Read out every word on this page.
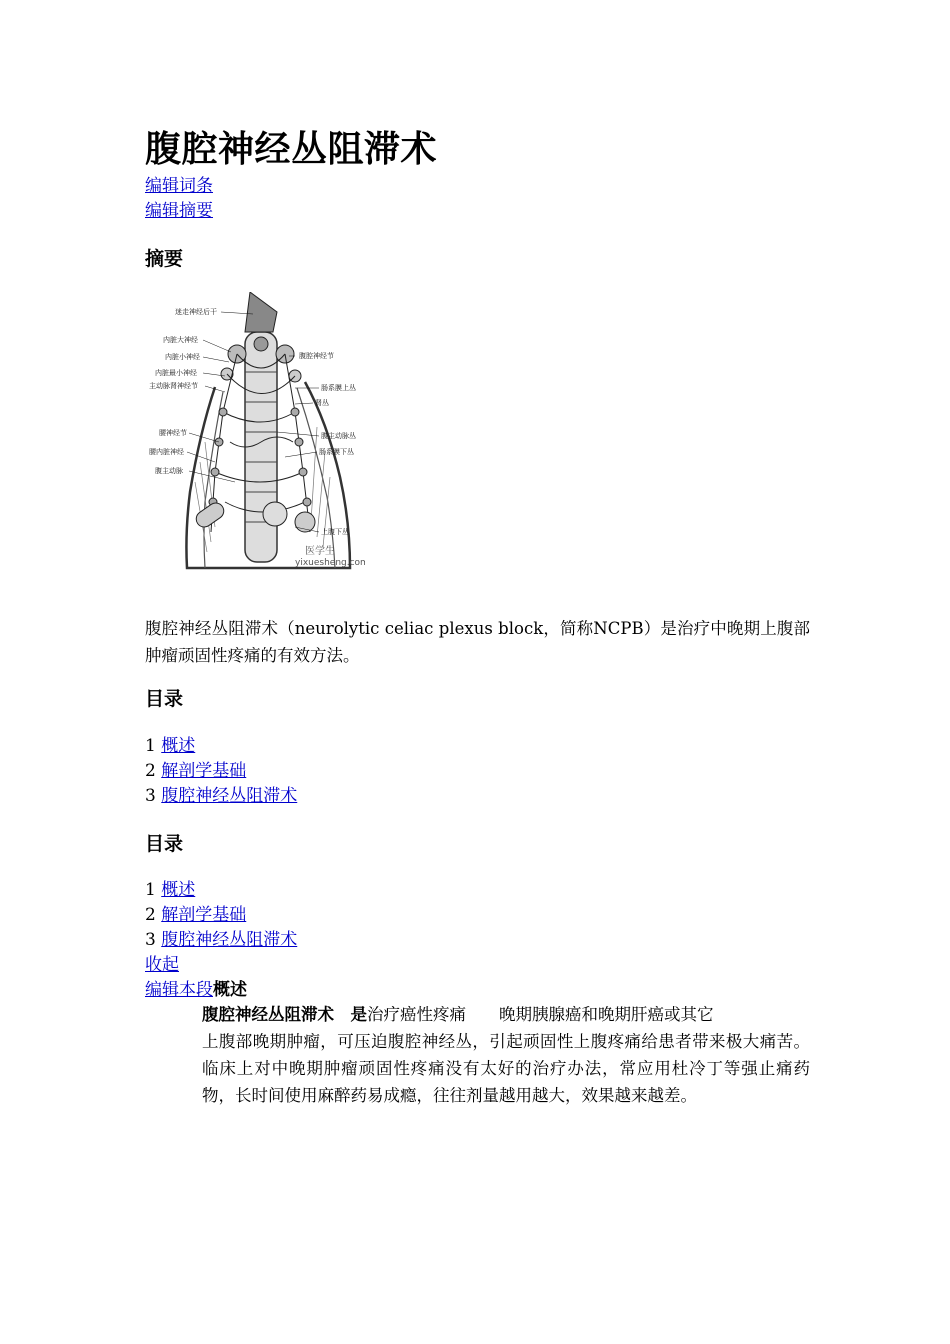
腹腔神经丛阻滞术
编辑词条
编辑摘要
摘要
迷走神经后干
内脏大神经
内脏小神经
内脏最小神经
主动脉肾神经节
腰神经节
腰内脏神经
腹主动脉
腹腔神经节
肠系膜上丛
肾丛
腹主动脉丛
肠系膜下丛
上腹下丛
医学生
yixuesheng.com
腹腔神经丛阻滞术（neurolytic celiac plexus block，简称NCPB）是治疗中晚期上腹部肿瘤顽固性疼痛的有效方法。
目录
1 概述
2 解剖学基础
3 腹腔神经丛阻滞术
目录
1 概述
2 解剖学基础
3 腹腔神经丛阻滞术
收起
编辑本段概述
腹腔神经丛阻滞术　是治疗癌性疼痛　　晚期胰腺癌和晚期肝癌或其它
上腹部晚期肿瘤，可压迫腹腔神经丛，引起顽固性上腹疼痛给患者带来极大痛苦。临床上对中晚期肿瘤顽固性疼痛没有太好的治疗办法，常应用杜冷丁等强止痛药物，长时间使用麻醉药易成瘾，往往剂量越用越大，效果越来越差。
